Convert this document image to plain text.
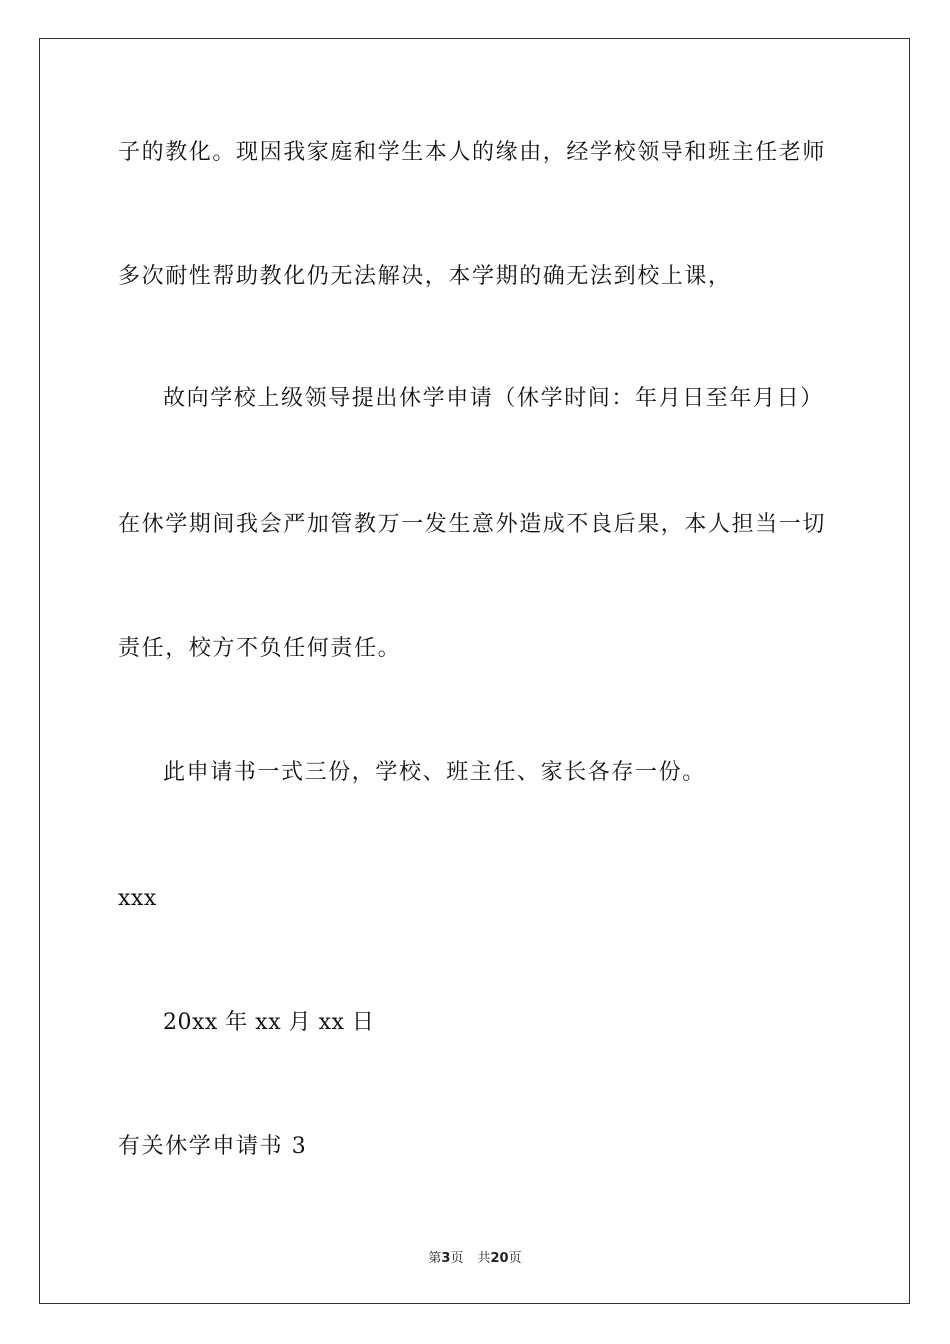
子的教化。现因我家庭和学生本人的缘由，经学校领导和班主任老师
多次耐性帮助教化仍无法解决，本学期的确无法到校上课，
故向学校上级领导提出休学申请（休学时间：年月日至年月日）
在休学期间我会严加管教万一发生意外造成不良后果，本人担当一切
责任，校方不负任何责任。
此申请书一式三份，学校、班主任、家长各存一份。
xxx
20xx 年 xx 月 xx 日
有关休学申请书 3
第3页 共20页
